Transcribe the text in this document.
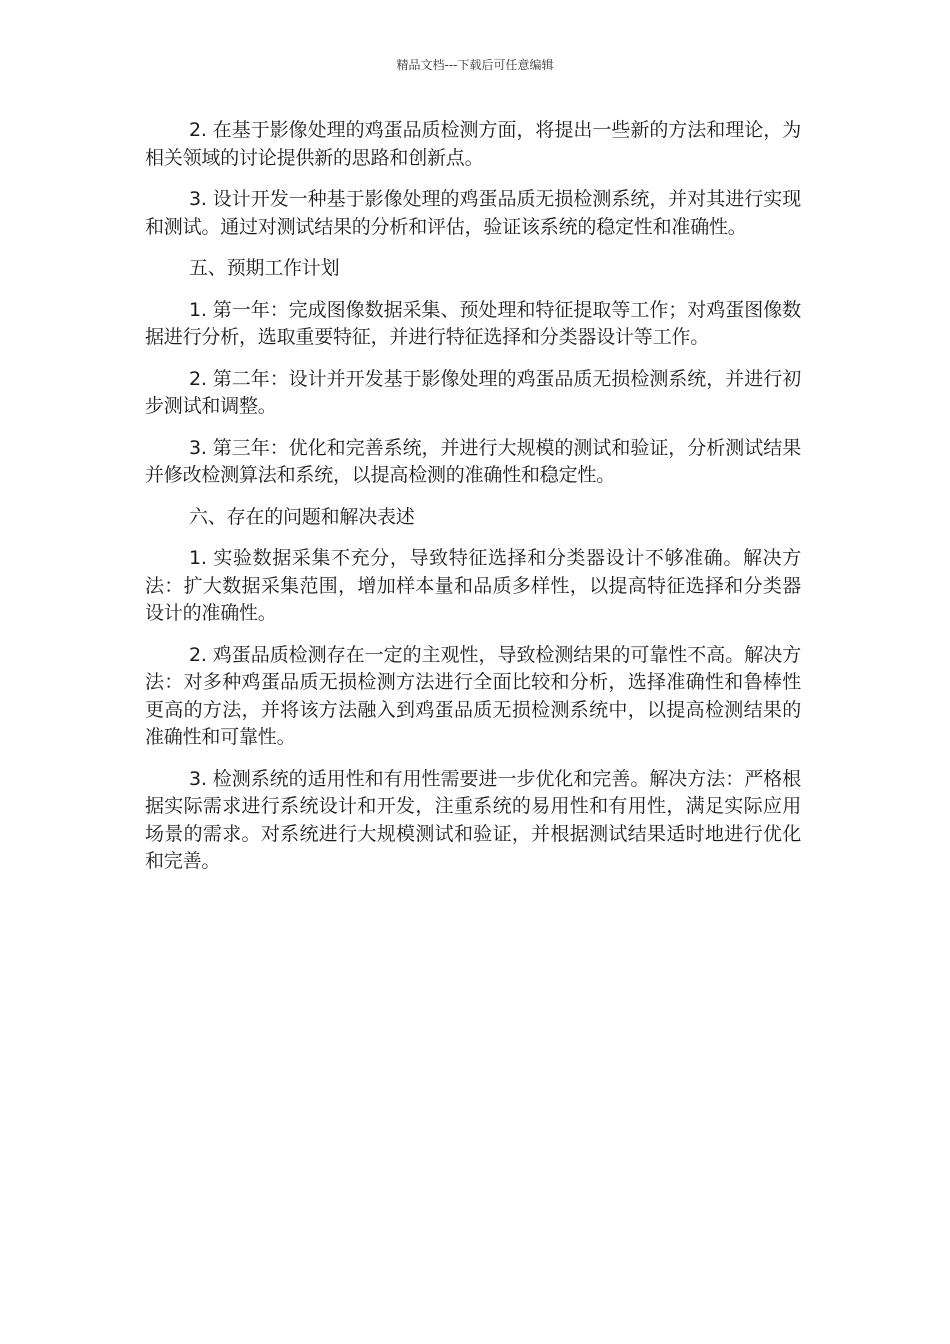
精品文档---下载后可任意编辑

2. 在基于影像处理的鸡蛋品质检测方面，将提出一些新的方法和理论，为相关领域的讨论提供新的思路和创新点。

3. 设计开发一种基于影像处理的鸡蛋品质无损检测系统，并对其进行实现和测试。通过对测试结果的分析和评估，验证该系统的稳定性和准确性。

五、预期工作计划

1. 第一年：完成图像数据采集、预处理和特征提取等工作；对鸡蛋图像数据进行分析，选取重要特征，并进行特征选择和分类器设计等工作。

2. 第二年：设计并开发基于影像处理的鸡蛋品质无损检测系统，并进行初步测试和调整。

3. 第三年：优化和完善系统，并进行大规模的测试和验证，分析测试结果并修改检测算法和系统，以提高检测的准确性和稳定性。

六、存在的问题和解决表述

1. 实验数据采集不充分，导致特征选择和分类器设计不够准确。解决方法：扩大数据采集范围，增加样本量和品质多样性，以提高特征选择和分类器设计的准确性。

2. 鸡蛋品质检测存在一定的主观性，导致检测结果的可靠性不高。解决方法：对多种鸡蛋品质无损检测方法进行全面比较和分析，选择准确性和鲁棒性更高的方法，并将该方法融入到鸡蛋品质无损检测系统中，以提高检测结果的准确性和可靠性。

3. 检测系统的适用性和有用性需要进一步优化和完善。解决方法：严格根据实际需求进行系统设计和开发，注重系统的易用性和有用性，满足实际应用场景的需求。对系统进行大规模测试和验证，并根据测试结果适时地进行优化和完善。
